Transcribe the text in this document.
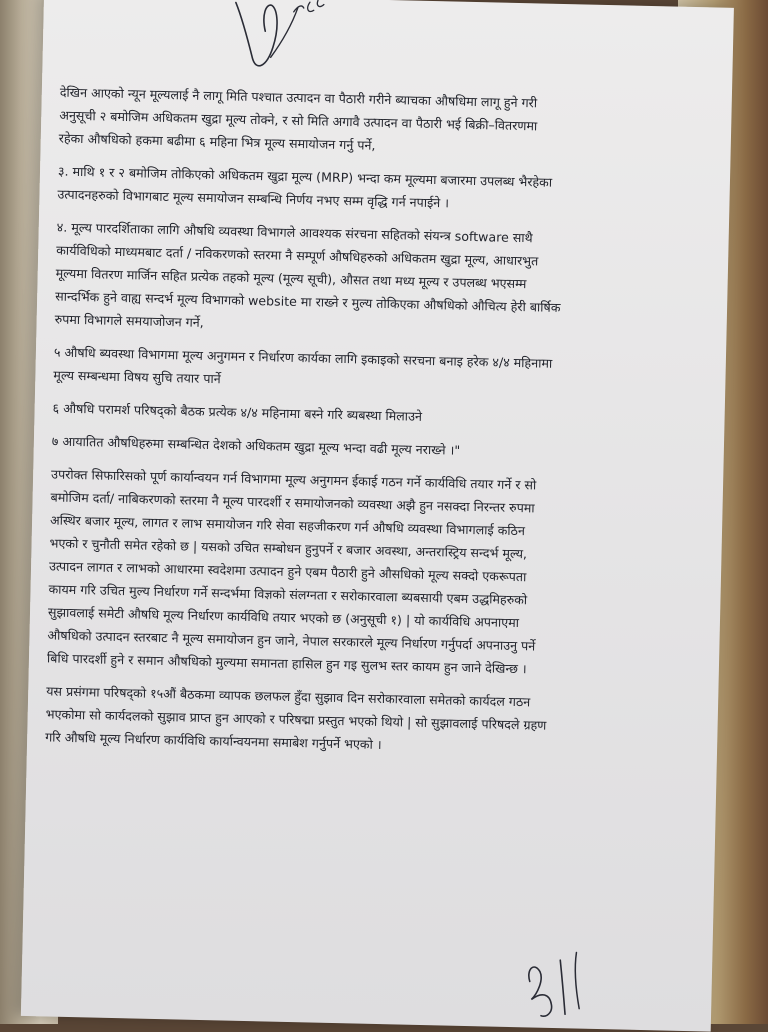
देखिन आएको न्यून मूल्यलाई नै लागू मिति पश्चात उत्पादन वा पैठारी गरीने ब्याचका औषधिमा लागू हुने गरी

अनुसूची २ बमोजिम अधिकतम खुद्रा मूल्य तोक्ने, र सो मिति अगावै उत्पादन वा पैठारी भई बिक्री–वितरणमा

रहेका औषधिको हकमा बढीमा ६ महिना भित्र मूल्य समायोजन गर्नु पर्ने,

३. माथि १ र २ बमोजिम तोकिएको अधिकतम खुद्रा मूल्य (MRP) भन्दा कम मूल्यमा बजारमा उपलब्ध भैरहेका

उत्पादनहरुको विभागबाट मूल्य समायोजन सम्बन्धि निर्णय नभए सम्म वृद्धि गर्न नपाईने ।

४. मूल्य पारदर्शिताका लागि औषधि व्यवस्था विभागले आवश्यक संरचना सहितको संयन्त्र software साथै

कार्यविधिको माध्यमबाट दर्ता / नविकरणको स्तरमा नै सम्पूर्ण औषधिहरुको अधिकतम खुद्रा मूल्य, आधारभुत

मूल्यमा वितरण मार्जिन सहित प्रत्येक तहको मूल्य (मूल्य सूची), औसत तथा मध्य मूल्य र उपलब्ध भएसम्म

सान्दर्भिक हुने वाह्य सन्दर्भ मूल्य विभागको website मा राख्ने र मुल्य तोकिएका औषधिको औचित्य हेरी बार्षिक

रुपमा विभागले समयाजोजन गर्ने,

५ औषधि ब्यवस्था विभागमा मूल्य अनुगमन र निर्धारण कार्यका लागि इकाइको सरचना बनाइ हरेक ४/४ महिनामा

मूल्य सम्बन्धमा विषय सुचि तयार पार्ने

६ औषधि परामर्श परिषद्को बैठक प्रत्येक ४/४ महिनामा बस्ने गरि ब्यबस्था मिलाउने

७ आयातित औषधिहरुमा सम्बन्धित देशको अधिकतम खुद्रा मूल्य भन्दा वढी मूल्य नराख्ने ।"

उपरोक्त सिफारिसको पूर्ण कार्यान्वयन गर्न विभागमा मूल्य अनुगमन ईकाई गठन गर्ने कार्यविधि तयार गर्ने र सो

बमोजिम दर्ता/ नाबिकरणको स्तरमा नै मूल्य पारदर्शी र समायोजनको व्यवस्था अझै हुन नसक्दा निरन्तर रुपमा

अस्थिर बजार मूल्य, लागत र लाभ समायोजन गरि सेवा सहजीकरण गर्न औषधि व्यवस्था विभागलाई कठिन

भएको र चुनौती समेत रहेको छ | यसको उचित सम्बोधन हुनुपर्ने र बजार अवस्था, अन्तरास्ट्रिय सन्दर्भ मूल्य,

उत्पादन लागत र लाभको आधारमा स्वदेशमा उत्पादन हुने एबम पैठारी हुने औसधिको मूल्य सक्दो एकरूपता

कायम गरि उचित मुल्य निर्धारण गर्ने सन्दर्भमा विज्ञको संलग्नता र सरोकारवाला ब्यबसायी एबम उद्धमिहरुको

सुझावलाई समेटी औषधि मूल्य निर्धारण कार्यविधि तयार भएको छ (अनुसूची १) | यो कार्यविधि अपनाएमा

औषधिको उत्पादन स्तरबाट नै मूल्य समायोजन हुन जाने, नेपाल सरकारले मूल्य निर्धारण गर्नुपर्दा अपनाउनु पर्ने

बिधि पारदर्शी हुने र समान औषधिको मुल्यमा समानता हासिल हुन गइ सुलभ स्तर कायम हुन जाने देखिन्छ ।

यस प्रसंगमा परिषद्को १५औं बैठकमा व्यापक छलफल हुँदा सुझाव दिन सरोकारवाला समेतको कार्यदल गठन

भएकोमा सो कार्यदलको सुझाव प्राप्त हुन आएको र परिषद्मा प्रस्तुत भएको थियो | सो सुझावलाई परिषदले ग्रहण

गरि औषधि मूल्य निर्धारण कार्यविधि कार्यान्वयनमा समाबेश गर्नुपर्ने भएको ।
